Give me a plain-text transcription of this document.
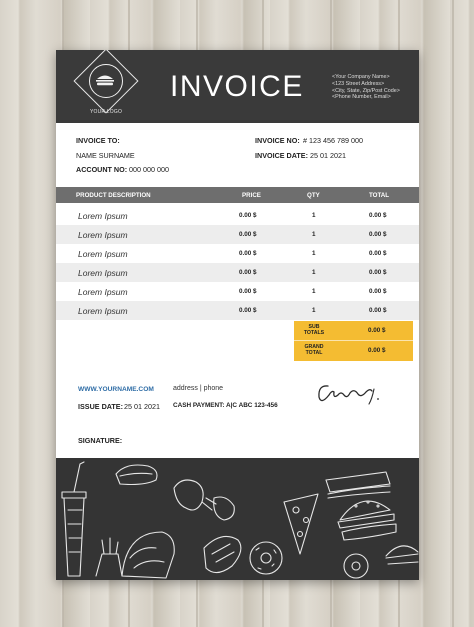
YOUR LOGO
INVOICE	<Your Company Name>
<123 Street Address>
<City, State, Zip/Post Code>
<Phone Number, Email>
INVOICE TO:
NAME SURNAME
ACCOUNT NO: 000 000 000
INVOICE NO: # 123 456 789 000
INVOICE DATE: 25 01 2021
PRODUCT DESCRIPTION	PRICE	QTY	TOTAL
Lorem Ipsum	0.00 $	1	0.00 $
Lorem Ipsum	0.00 $	1	0.00 $
Lorem Ipsum	0.00 $	1	0.00 $
Lorem Ipsum	0.00 $	1	0.00 $
Lorem Ipsum	0.00 $	1	0.00 $
Lorem Ipsum	0.00 $	1	0.00 $
SUB
TOTALS	0.00 $
GRAND
TOTAL	0.00 $
WWW.YOURNAME.COM	address | phone
ISSUE DATE: 25 01 2021 CASH PAYMENT: A|C ABC 123-456
SIGNATURE:
